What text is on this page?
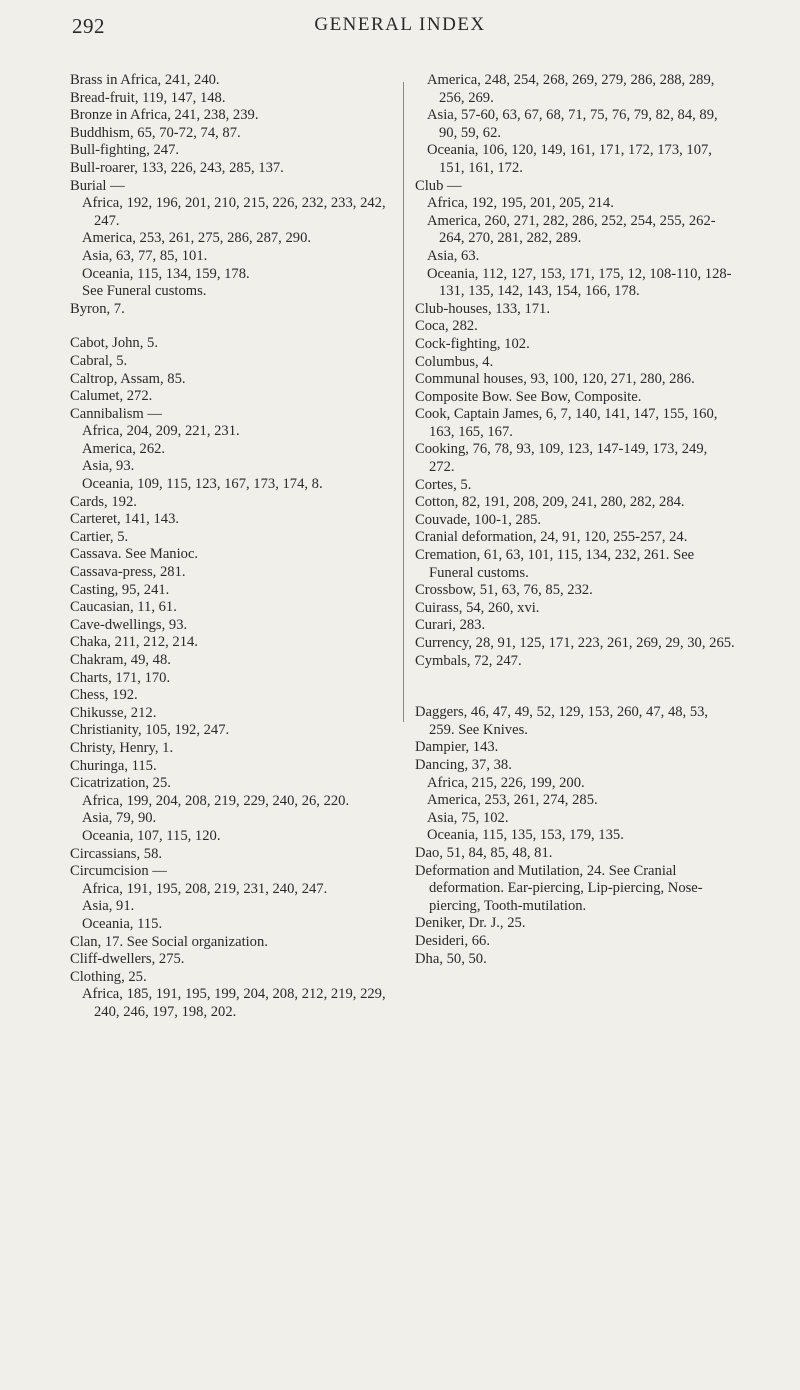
292	GENERAL INDEX
Brass in Africa, 241, 240.
Bread-fruit, 119, 147, 148.
Bronze in Africa, 241, 238, 239.
Buddhism, 65, 70-72, 74, 87.
Bull-fighting, 247.
Bull-roarer, 133, 226, 243, 285, 137.
Burial —
Africa, 192, 196, 201, 210, 215, 226, 232, 233, 242, 247.
America, 253, 261, 275, 286, 287, 290.
Asia, 63, 77, 85, 101.
Oceania, 115, 134, 159, 178.
See Funeral customs.
Byron, 7.
Cabot, John, 5.
Cabral, 5.
Caltrop, Assam, 85.
Calumet, 272.
Cannibalism —
Africa, 204, 209, 221, 231.
America, 262.
Asia, 93.
Oceania, 109, 115, 123, 167, 173, 174, 8.
Cards, 192.
Carteret, 141, 143.
Cartier, 5.
Cassava. See Manioc.
Cassava-press, 281.
Casting, 95, 241.
Caucasian, 11, 61.
Cave-dwellings, 93.
Chaka, 211, 212, 214.
Chakram, 49, 48.
Charts, 171, 170.
Chess, 192.
Chikusse, 212.
Christianity, 105, 192, 247.
Christy, Henry, 1.
Churinga, 115.
Cicatrization, 25.
Africa, 199, 204, 208, 219, 229, 240, 26, 220.
Asia, 79, 90.
Oceania, 107, 115, 120.
Circassians, 58.
Circumcision —
Africa, 191, 195, 208, 219, 231, 240, 247.
Asia, 91.
Oceania, 115.
Clan, 17. See Social organization.
Cliff-dwellers, 275.
Clothing, 25.
Africa, 185, 191, 195, 199, 204, 208, 212, 219, 229, 240, 246, 197, 198, 202.
America, 248, 254, 268, 269, 279, 286, 288, 289, 256, 269.
Asia, 57-60, 63, 67, 68, 71, 75, 76, 79, 82, 84, 89, 90, 59, 62.
Oceania, 106, 120, 149, 161, 171, 172, 173, 107, 151, 161, 172.
Club —
Africa, 192, 195, 201, 205, 214.
America, 260, 271, 282, 286, 252, 254, 255, 262-264, 270, 281, 282, 289.
Asia, 63.
Oceania, 112, 127, 153, 171, 175, 12, 108-110, 128-131, 135, 142, 143, 154, 166, 178.
Club-houses, 133, 171.
Coca, 282.
Cock-fighting, 102.
Columbus, 4.
Communal houses, 93, 100, 120, 271, 280, 286.
Composite Bow. See Bow, Composite.
Cook, Captain James, 6, 7, 140, 141, 147, 155, 160, 163, 165, 167.
Cooking, 76, 78, 93, 109, 123, 147-149, 173, 249, 272.
Cortes, 5.
Cotton, 82, 191, 208, 209, 241, 280, 282, 284.
Couvade, 100-1, 285.
Cranial deformation, 24, 91, 120, 255-257, 24.
Cremation, 61, 63, 101, 115, 134, 232, 261. See Funeral customs.
Crossbow, 51, 63, 76, 85, 232.
Cuirass, 54, 260, xvi.
Curari, 283.
Currency, 28, 91, 125, 171, 223, 261, 269, 29, 30, 265.
Cymbals, 72, 247.
Daggers, 46, 47, 49, 52, 129, 153, 260, 47, 48, 53, 259. See Knives.
Dampier, 143.
Dancing, 37, 38.
Africa, 215, 226, 199, 200.
America, 253, 261, 274, 285.
Asia, 75, 102.
Oceania, 115, 135, 153, 179, 135.
Dao, 51, 84, 85, 48, 81.
Deformation and Mutilation, 24. See Cranial deformation. Ear-piercing, Lip-piercing, Nose-piercing, Tooth-mutilation.
Deniker, Dr. J., 25.
Desideri, 66.
Dha, 50, 50.
